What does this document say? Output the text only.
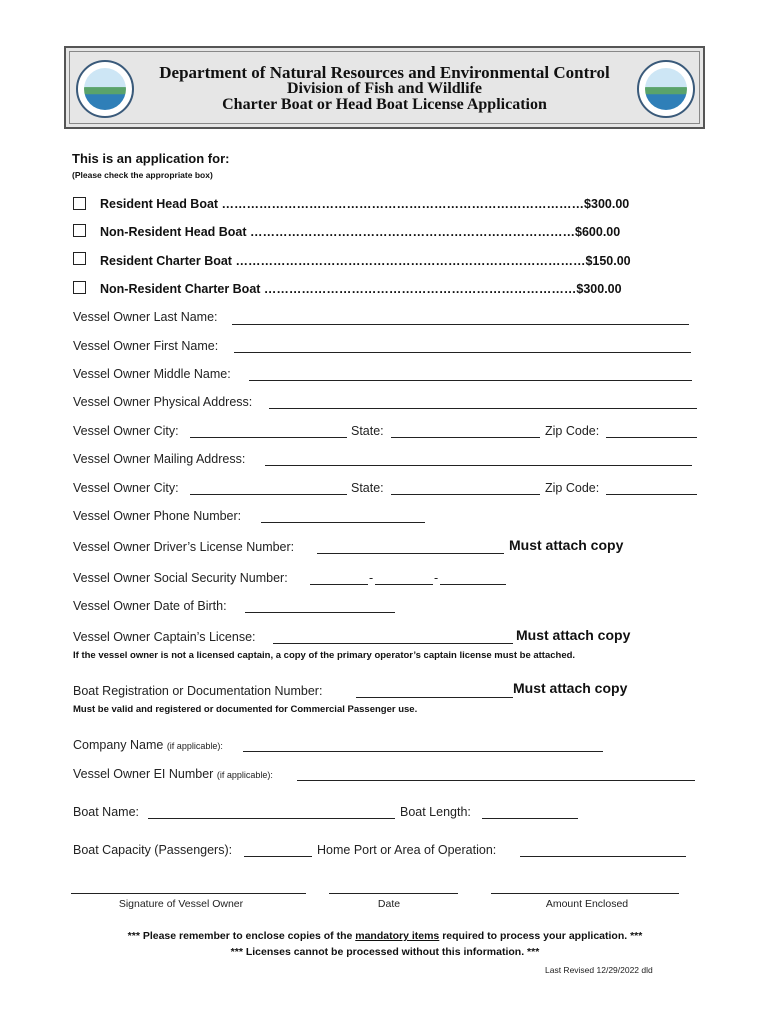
Department of Natural Resources and Environmental Control
Division of Fish and Wildlife
Charter Boat or Head Boat License Application
This is an application for:
(Please check the appropriate box)
Resident Head Boat ……………………………………………………………………………$300.00
Non-Resident Head Boat ……………………………………………………………………$600.00
Resident Charter Boat …………………………………………………………………………$150.00
Non-Resident Charter Boat …………………………………………………………………$300.00
Vessel Owner Last Name:
Vessel Owner First Name:
Vessel Owner Middle Name:
Vessel Owner Physical Address:
Vessel Owner City:	State:	Zip Code:
Vessel Owner Mailing Address:
Vessel Owner City:	State:	Zip Code:
Vessel Owner Phone Number:
Vessel Owner Driver’s License Number:	Must attach copy
Vessel Owner Social Security Number:	-	-
Vessel Owner Date of Birth:
Vessel Owner Captain’s License:	Must attach copy
If the vessel owner is not a licensed captain, a copy of the primary operator’s captain license must be attached.
Boat Registration or Documentation Number:	Must attach copy
Must be valid and registered or documented for Commercial Passenger use.
Company Name (if applicable):
Vessel Owner EI Number (if applicable):
Boat Name:	Boat Length:
Boat Capacity (Passengers):	Home Port or Area of Operation:
Signature of Vessel Owner	Date	Amount Enclosed
*** Please remember to enclose copies of the mandatory items required to process your application. ***
*** Licenses cannot be processed without this information. ***
Last Revised 12/29/2022 dld
